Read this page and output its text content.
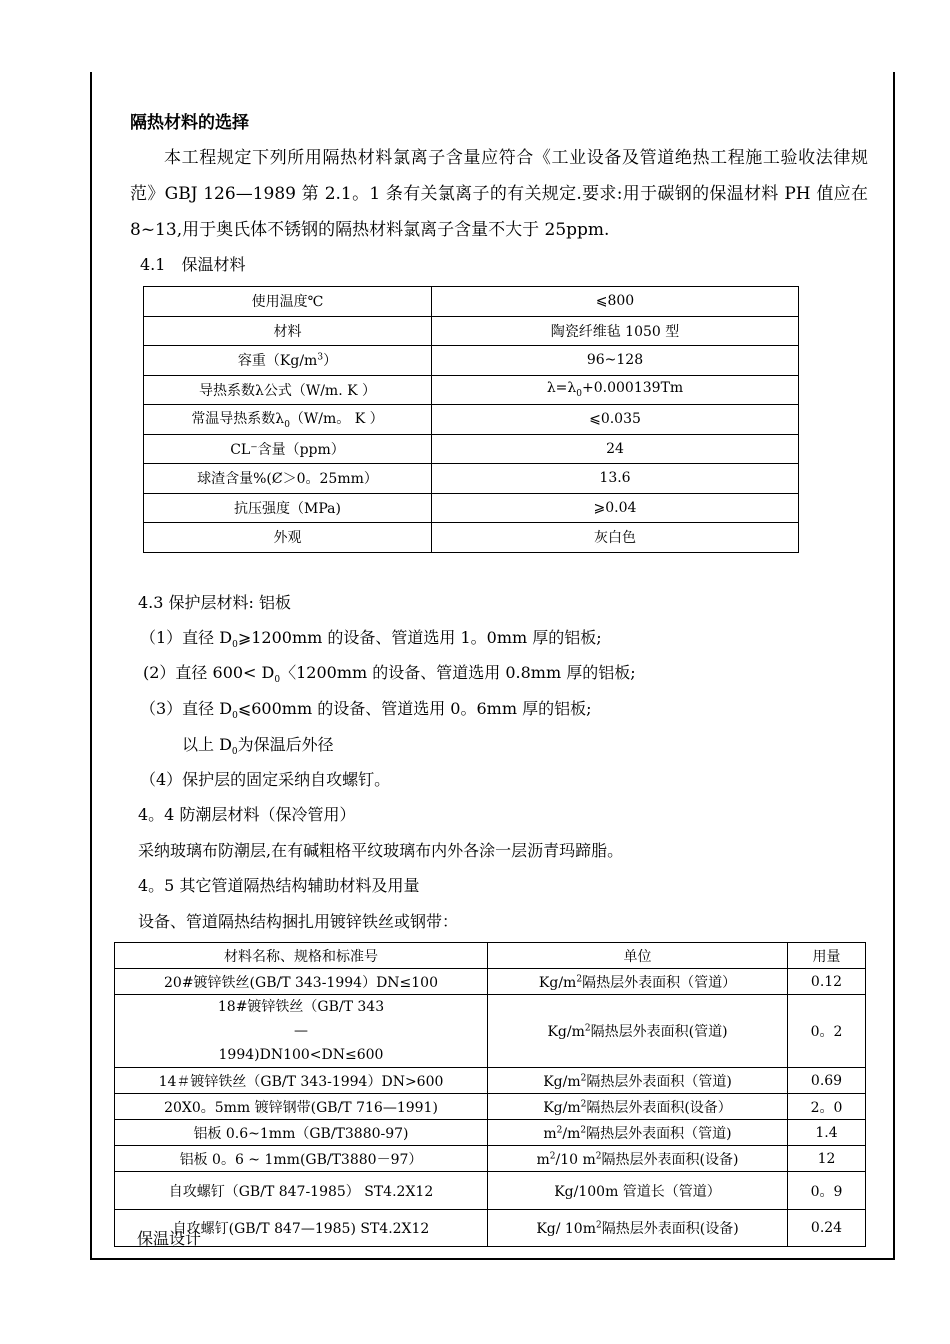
隔热材料的选择

本工程规定下列所用隔热材料氯离子含量应符合《工业设备及管道绝热工程施工验收法律规范》GBJ 126—1989 第 2.1。1 条有关氯离子的有关规定.要求:用于碳钢的保温材料 PH 值应在 8~13,用于奥氏体不锈钢的隔热材料氯离子含量不大于 25ppm.

4.1　保温材料
使用温度℃	⩽800
材料	陶瓷纤维毡 1050 型
容重$(Kg/m^3)$	96~128
导热系数λ公式（W/m. K ）	$\lambda=\lambda_0+0.000139Tm$
常温导热系数$\lambda_0(W/m$。 K ）	⩽0.035
CL⁻含量（ppm）	24
球渣含量%(Ȼ＞0。25mm）	13.6
抗压强度（MPa)	⩾0.04
外观	灰白色
4.3 保护层材料: 铝板
（1）直径 $D_0⩾1200mm$ 的设备、管道选用 1。0mm 厚的铝板;
(2）直径 $600< D_0$〈1200mm 的设备、管道选用 0.8mm 厚的铝板;
（3）直径 $D_0⩽600mm$ 的设备、管道选用 0。6mm 厚的铝板;
以上 $D_0$为保温后外径
（4）保护层的固定采纳自攻螺钉。
4。4 防潮层材料（保冷管用）
采纳玻璃布防潮层,在有碱粗格平纹玻璃布内外各涂一层沥青玛蹄脂。
4。5 其它管道隔热结构辅助材料及用量
设备、管道隔热结构捆扎用镀锌铁丝或钢带：
材料名称、规格和标准号	单位	用量
20#镀锌铁丝(GB/T 343-1994）DN≤100	$Kg/m^2$隔热层外表面积（管道）	0.12
18#镀锌铁丝（GB/T 343—1994)DN100<DN≤600	$Kg/m^2$隔热层外表面积(管道)	0。2
14＃镀锌铁丝（GB/T 343-1994）DN>600	$Kg/m^2$隔热层外表面积（管道)	0.69
20X0。5mm 镀锌钢带(GB/T 716—1991)	$Kg/m^2$隔热层外表面积(设备）	2。0
铝板 0.6~1mm（GB/T3880-97)	$m^2/m^2$隔热层外表面积（管道)	1.4
铝板 0。6 ~ 1mm(GB/T3880－97）	$m^2/10$ $m^2$隔热层外表面积(设备)	12
自攻螺钉（GB/T 847-1985） ST4.2X12	Kg/100m 管道长（管道）	0。9
自攻螺钉(GB/T 847—1985) ST4.2X12	Kg/ $10m^2$隔热层外表面积(设备)	0.24
保温设计
